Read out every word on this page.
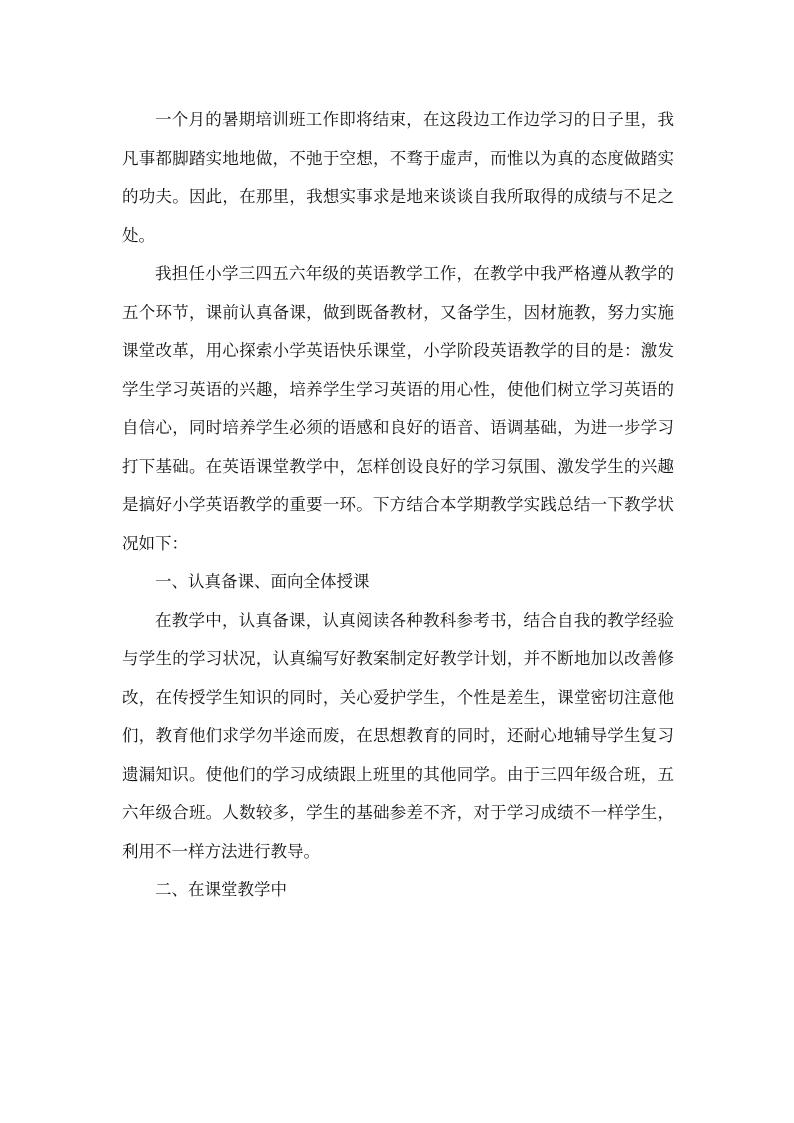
一个月的暑期培训班工作即将结束，在这段边工作边学习的日子里，我凡事都脚踏实地地做，不弛于空想，不骛于虚声，而惟以为真的态度做踏实的功夫。因此，在那里，我想实事求是地来谈谈自我所取得的成绩与不足之处。

我担任小学三四五六年级的英语教学工作，在教学中我严格遵从教学的五个环节，课前认真备课，做到既备教材，又备学生，因材施教，努力实施课堂改革，用心探索小学英语快乐课堂，小学阶段英语教学的目的是：激发学生学习英语的兴趣，培养学生学习英语的用心性，使他们树立学习英语的自信心，同时培养学生必须的语感和良好的语音、语调基础，为进一步学习打下基础。在英语课堂教学中，怎样创设良好的学习氛围、激发学生的兴趣是搞好小学英语教学的重要一环。下方结合本学期教学实践总结一下教学状况如下：

一、认真备课、面向全体授课

在教学中，认真备课，认真阅读各种教科参考书，结合自我的教学经验与学生的学习状况，认真编写好教案制定好教学计划，并不断地加以改善修改，在传授学生知识的同时，关心爱护学生，个性是差生，课堂密切注意他们，教育他们求学勿半途而废，在思想教育的同时，还耐心地辅导学生复习遗漏知识。使他们的学习成绩跟上班里的其他同学。由于三四年级合班，五六年级合班。人数较多，学生的基础参差不齐，对于学习成绩不一样学生，利用不一样方法进行教导。

二、在课堂教学中
